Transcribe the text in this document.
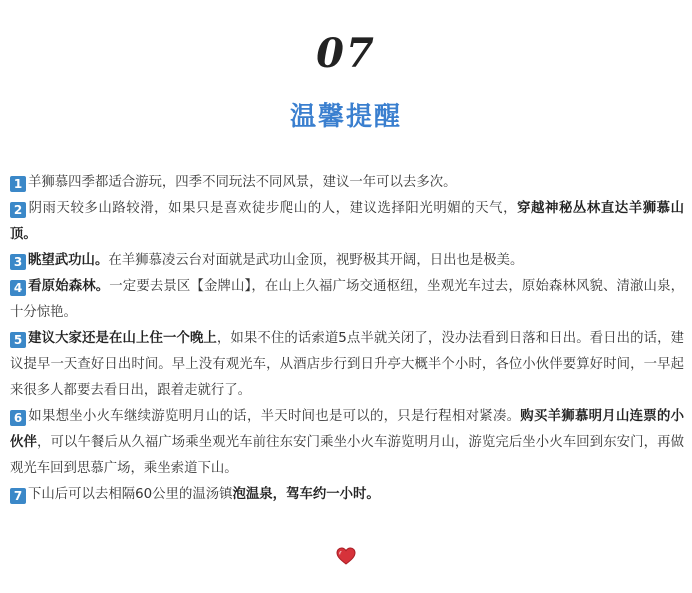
07
温馨提醒

1 羊狮慕四季都适合游玩，四季不同玩法不同风景，建议一年可以去多次。

2 阴雨天较多山路较滑，如果只是喜欢徒步爬山的人，建议选择阳光明媚的天气，穿越神秘丛林直达羊狮慕山顶。

3 眺望武功山。在羊狮慕凌云台对面就是武功山金顶，视野极其开阔，日出也是极美。

4 看原始森林。一定要去景区【金牌山】，在山上久福广场交通枢纽，坐观光车过去，原始森林风貌、清澈山泉，十分惊艳。

5 建议大家还是在山上住一个晚上，如果不住的话索道5点半就关闭了，没办法看到日落和日出。看日出的话，建议提早一天查好日出时间。早上没有观光车，从酒店步行到日升亭大概半个小时，各位小伙伴要算好时间，一早起来很多人都要去看日出，跟着走就行了。

6 如果想坐小火车继续游览明月山的话，半天时间也是可以的，只是行程相对紧凑。购买羊狮慕明月山连票的小伙伴，可以午餐后从久福广场乘坐观光车前往东安门乘坐小火车游览明月山，游览完后坐小火车回到东安门，再做观光车回到思慕广场，乘坐索道下山。

7 下山后可以去相隔60公里的温汤镇泡温泉，驾车约一小时。
